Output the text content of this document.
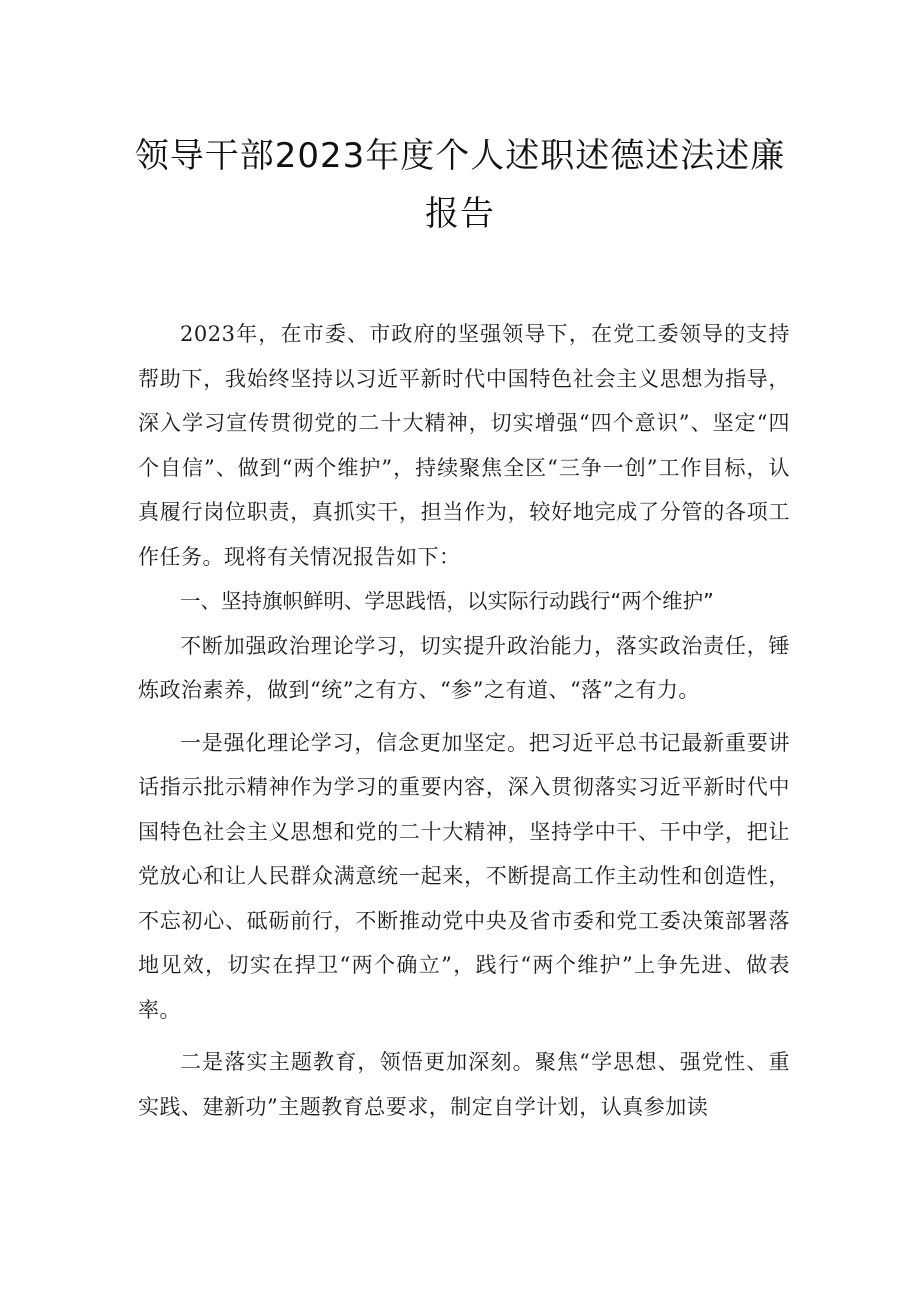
领导干部2023年度个人述职述德述法述廉
报告

2023年，在市委、市政府的坚强领导下，在党工委领导的支持帮助下，我始终坚持以习近平新时代中国特色社会主义思想为指导，深入学习宣传贯彻党的二十大精神，切实增强“四个意识”、坚定“四个自信”、做到“两个维护”，持续聚焦全区“三争一创”工作目标，认真履行岗位职责，真抓实干，担当作为，较好地完成了分管的各项工作任务。现将有关情况报告如下：

一、坚持旗帜鲜明、学思践悟，以实际行动践行“两个维护”

不断加强政治理论学习，切实提升政治能力，落实政治责任，锤炼政治素养，做到“统”之有方、“参”之有道、“落”之有力。

一是强化理论学习，信念更加坚定。把习近平总书记最新重要讲话指示批示精神作为学习的重要内容，深入贯彻落实习近平新时代中国特色社会主义思想和党的二十大精神，坚持学中干、干中学，把让党放心和让人民群众满意统一起来，不断提高工作主动性和创造性，不忘初心、砥砺前行，不断推动党中央及省市委和党工委决策部署落地见效，切实在捍卫“两个确立”，践行“两个维护”上争先进、做表率。

二是落实主题教育，领悟更加深刻。聚焦“学思想、强党性、重实践、建新功”主题教育总要求，制定自学计划，认真参加读
